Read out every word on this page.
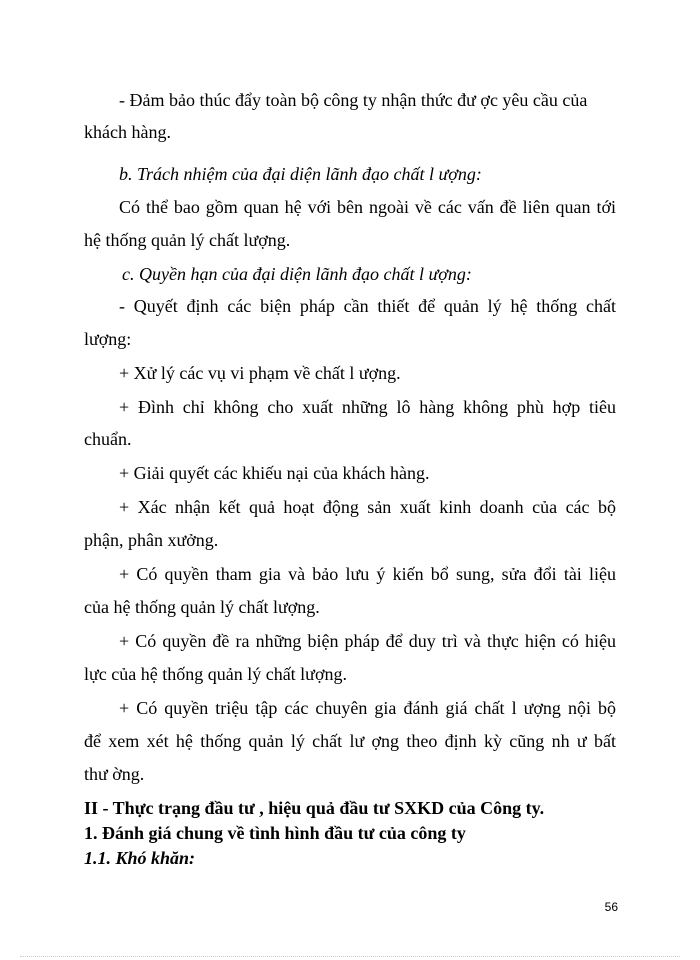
- Đảm bảo thúc đẩy toàn bộ công ty nhận thức đư ợc yêu cầu của
khách hàng.
b. Trách nhiệm của đại diện lãnh đạo chất l ượng:
Có thể bao gồm quan hệ với bên ngoài về các vấn đề liên quan tới
hệ thống quản lý chất lượng.
c. Quyền hạn của đại diện lãnh đạo chất l ượng:
- Quyết định các biện pháp cần thiết để quản lý hệ thống chất
lượng:
+ Xử lý các vụ vi phạm về chất l ượng.
+ Đình chỉ không cho xuất những lô hàng không phù hợp tiêu
chuẩn.
+ Giải quyết các khiếu nại của khách hàng.
+ Xác nhận kết quả hoạt động sản xuất kinh doanh của các bộ
phận, phân xưởng.
+ Có quyền tham gia và bảo lưu ý kiến bổ sung, sửa đổi tài liệu
của hệ thống quản lý chất lượng.
+ Có quyền đề ra những biện pháp để duy trì và thực hiện có hiệu
lực của hệ thống quản lý chất lượng.
+ Có quyền triệu tập các chuyên gia đánh giá chất l ượng nội bộ
để xem xét hệ thống quản lý chất lư ợng theo định kỳ cũng nh ư bất
thư ờng.
II - Thực trạng đầu tư , hiệu quả đầu tư SXKD của Công ty.
1. Đánh giá chung về tình hình đầu tư của công ty
1.1. Khó khăn:
56
